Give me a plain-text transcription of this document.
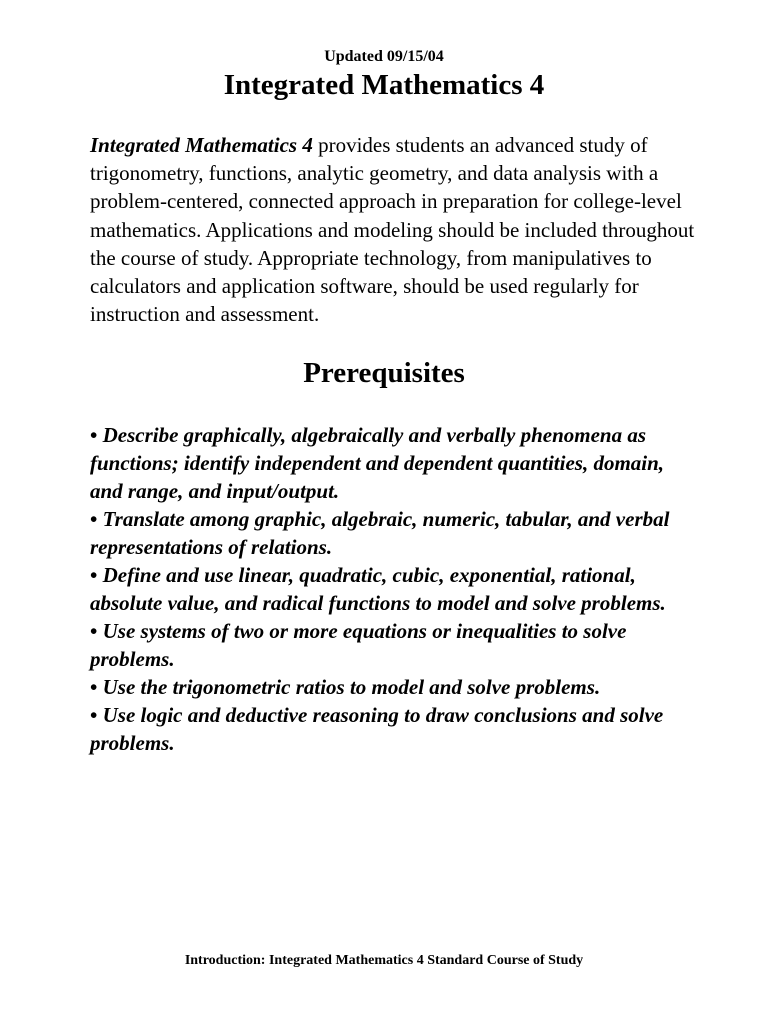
Updated 09/15/04
Integrated Mathematics 4

Integrated Mathematics 4 provides students an advanced study of trigonometry, functions, analytic geometry, and data analysis with a problem-centered, connected approach in preparation for college-level mathematics. Applications and modeling should be included throughout the course of study. Appropriate technology, from manipulatives to calculators and application software, should be used regularly for instruction and assessment.

Prerequisites
• Describe graphically, algebraically and verbally phenomena as functions; identify independent and dependent quantities, domain, and range, and input/output.
• Translate among graphic, algebraic, numeric, tabular, and verbal representations of relations.
• Define and use linear, quadratic, cubic, exponential, rational, absolute value, and radical functions to model and solve problems.
• Use systems of two or more equations or inequalities to solve problems.
• Use the trigonometric ratios to model and solve problems.
• Use logic and deductive reasoning to draw conclusions and solve problems.
Introduction: Integrated Mathematics 4 Standard Course of Study
